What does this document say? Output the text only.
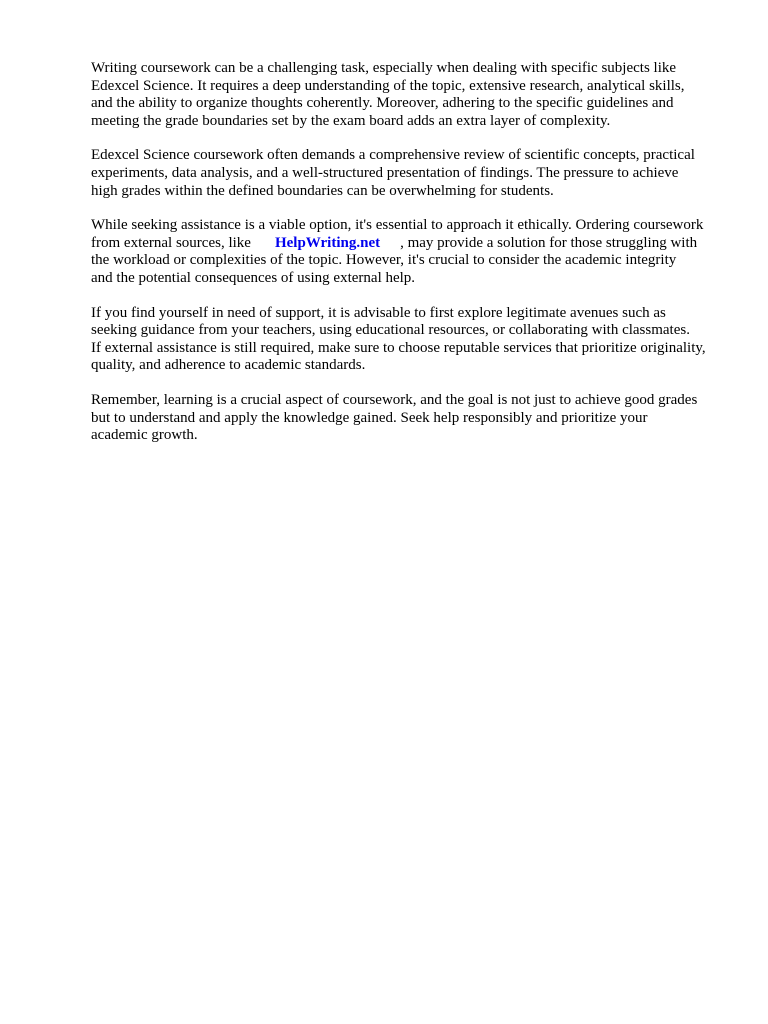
Writing coursework can be a challenging task, especially when dealing with specific subjects like
Edexcel Science. It requires a deep understanding of the topic, extensive research, analytical skills,
and the ability to organize thoughts coherently. Moreover, adhering to the specific guidelines and
meeting the grade boundaries set by the exam board adds an extra layer of complexity.

Edexcel Science coursework often demands a comprehensive review of scientific concepts, practical
experiments, data analysis, and a well-structured presentation of findings. The pressure to achieve
high grades within the defined boundaries can be overwhelming for students.

While seeking assistance is a viable option, it's essential to approach it ethically. Ordering coursework
from external sources, like HelpWriting.net , may provide a solution for those struggling with
the workload or complexities of the topic. However, it's crucial to consider the academic integrity
and the potential consequences of using external help.

If you find yourself in need of support, it is advisable to first explore legitimate avenues such as
seeking guidance from your teachers, using educational resources, or collaborating with classmates.
If external assistance is still required, make sure to choose reputable services that prioritize originality,
quality, and adherence to academic standards.

Remember, learning is a crucial aspect of coursework, and the goal is not just to achieve good grades
but to understand and apply the knowledge gained. Seek help responsibly and prioritize your
academic growth.
